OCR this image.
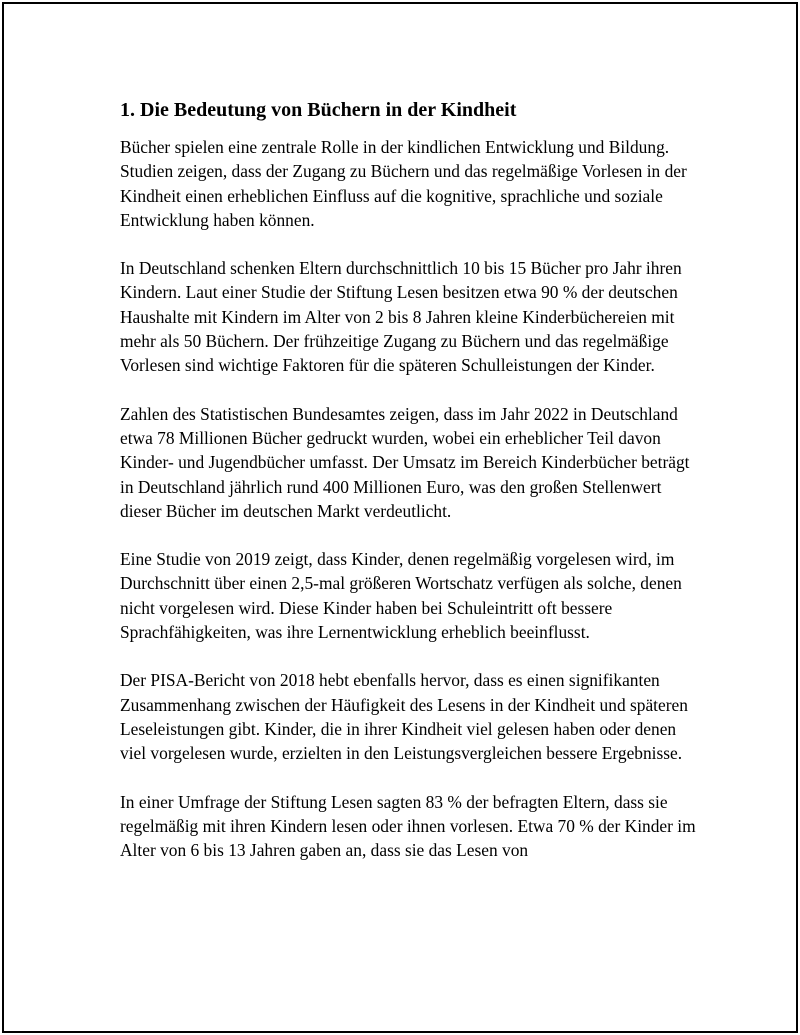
1. Die Bedeutung von Büchern in der Kindheit

Bücher spielen eine zentrale Rolle in der kindlichen Entwicklung und Bildung. Studien zeigen, dass der Zugang zu Büchern und das regelmäßige Vorlesen in der Kindheit einen erheblichen Einfluss auf die kognitive, sprachliche und soziale Entwicklung haben können.

In Deutschland schenken Eltern durchschnittlich 10 bis 15 Bücher pro Jahr ihren Kindern. Laut einer Studie der Stiftung Lesen besitzen etwa 90 % der deutschen Haushalte mit Kindern im Alter von 2 bis 8 Jahren kleine Kinderbüchereien mit mehr als 50 Büchern. Der frühzeitige Zugang zu Büchern und das regelmäßige Vorlesen sind wichtige Faktoren für die späteren Schulleistungen der Kinder.

Zahlen des Statistischen Bundesamtes zeigen, dass im Jahr 2022 in Deutschland etwa 78 Millionen Bücher gedruckt wurden, wobei ein erheblicher Teil davon Kinder- und Jugendbücher umfasst. Der Umsatz im Bereich Kinderbücher beträgt in Deutschland jährlich rund 400 Millionen Euro, was den großen Stellenwert dieser Bücher im deutschen Markt verdeutlicht.

Eine Studie von 2019 zeigt, dass Kinder, denen regelmäßig vorgelesen wird, im Durchschnitt über einen 2,5-mal größeren Wortschatz verfügen als solche, denen nicht vorgelesen wird. Diese Kinder haben bei Schuleintritt oft bessere Sprachfähigkeiten, was ihre Lernentwicklung erheblich beeinflusst.

Der PISA-Bericht von 2018 hebt ebenfalls hervor, dass es einen signifikanten Zusammenhang zwischen der Häufigkeit des Lesens in der Kindheit und späteren Leseleistungen gibt. Kinder, die in ihrer Kindheit viel gelesen haben oder denen viel vorgelesen wurde, erzielten in den Leistungsvergleichen bessere Ergebnisse.

In einer Umfrage der Stiftung Lesen sagten 83 % der befragten Eltern, dass sie regelmäßig mit ihren Kindern lesen oder ihnen vorlesen. Etwa 70 % der Kinder im Alter von 6 bis 13 Jahren gaben an, dass sie das Lesen von
